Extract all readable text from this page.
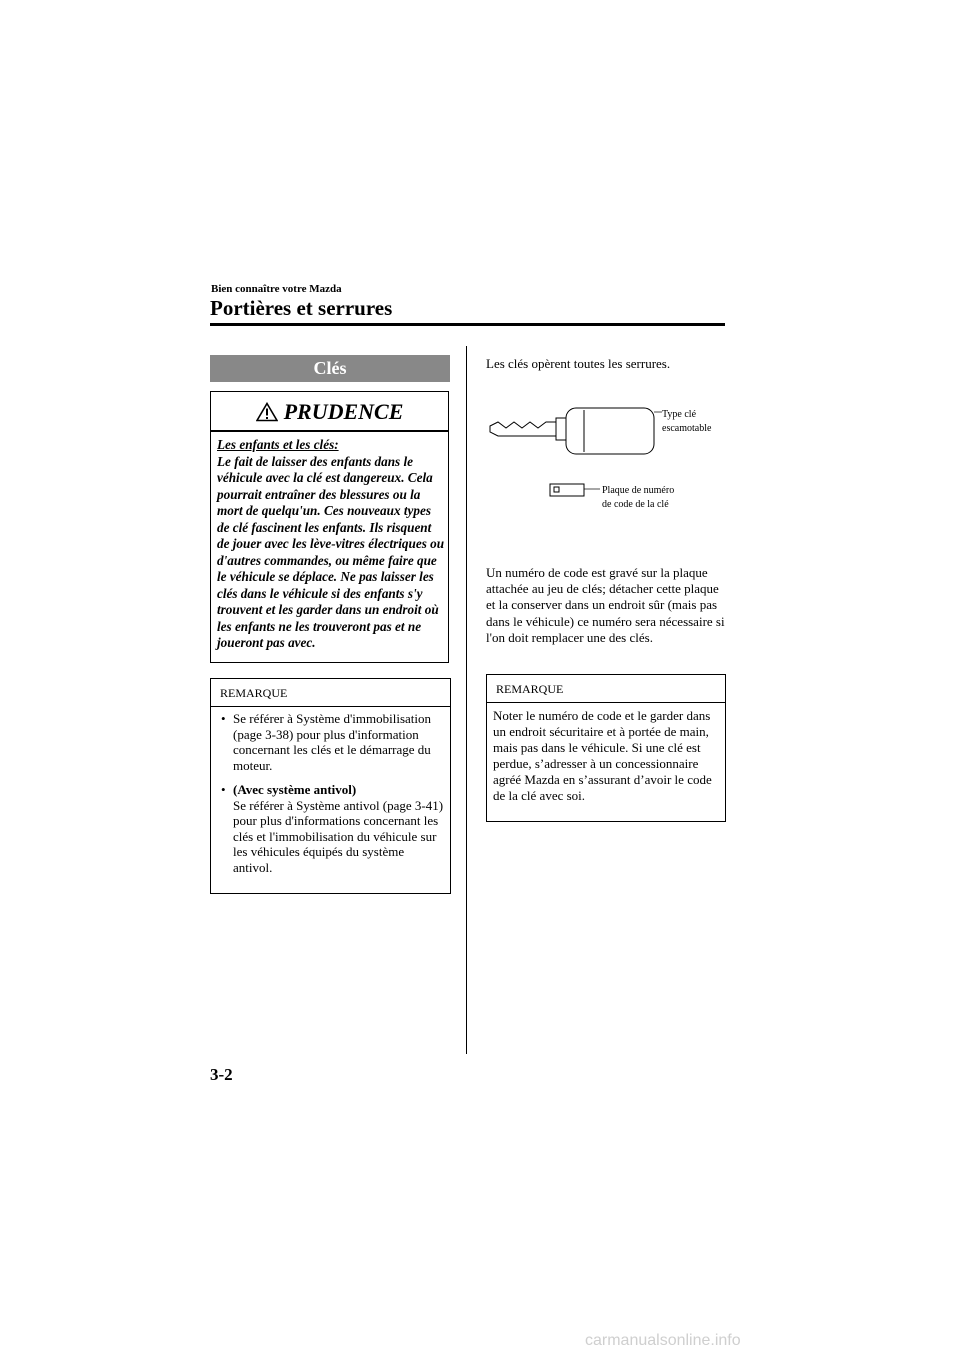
Bien connaître votre Mazda
Portières et serrures
Clés
PRUDENCE
Les enfants et les clés:
Le fait de laisser des enfants dans le véhicule avec la clé est dangereux. Cela pourrait entraîner des blessures ou la mort de quelqu'un. Ces nouveaux types de clé fascinent les enfants. Ils risquent de jouer avec les lève-vitres électriques ou d'autres commandes, ou même faire que le véhicule se déplace. Ne pas laisser les clés dans le véhicule si des enfants s'y trouvent et les garder dans un endroit où les enfants ne les trouveront pas et ne joueront pas avec.
REMARQUE
• Se référer à Système d'immobilisation (page 3-38) pour plus d'information concernant les clés et le démarrage du moteur.
• (Avec système antivol)
Se référer à Système antivol (page 3-41) pour plus d'informations concernant les clés et l'immobilisation du véhicule sur les véhicules équipés du système antivol.
Les clés opèrent toutes les serrures.
Type clé
escamotable
Plaque de numéro
de code de la clé
Un numéro de code est gravé sur la plaque attachée au jeu de clés; détacher cette plaque et la conserver dans un endroit sûr (mais pas dans le véhicule) ce numéro sera nécessaire si l'on doit remplacer une des clés.
REMARQUE
Noter le numéro de code et le garder dans un endroit sécuritaire et à portée de main, mais pas dans le véhicule. Si une clé est perdue, s’adresser à un concessionnaire agréé Mazda en s’assurant d’avoir le code de la clé avec soi.
3-2
carmanualsonline.info
